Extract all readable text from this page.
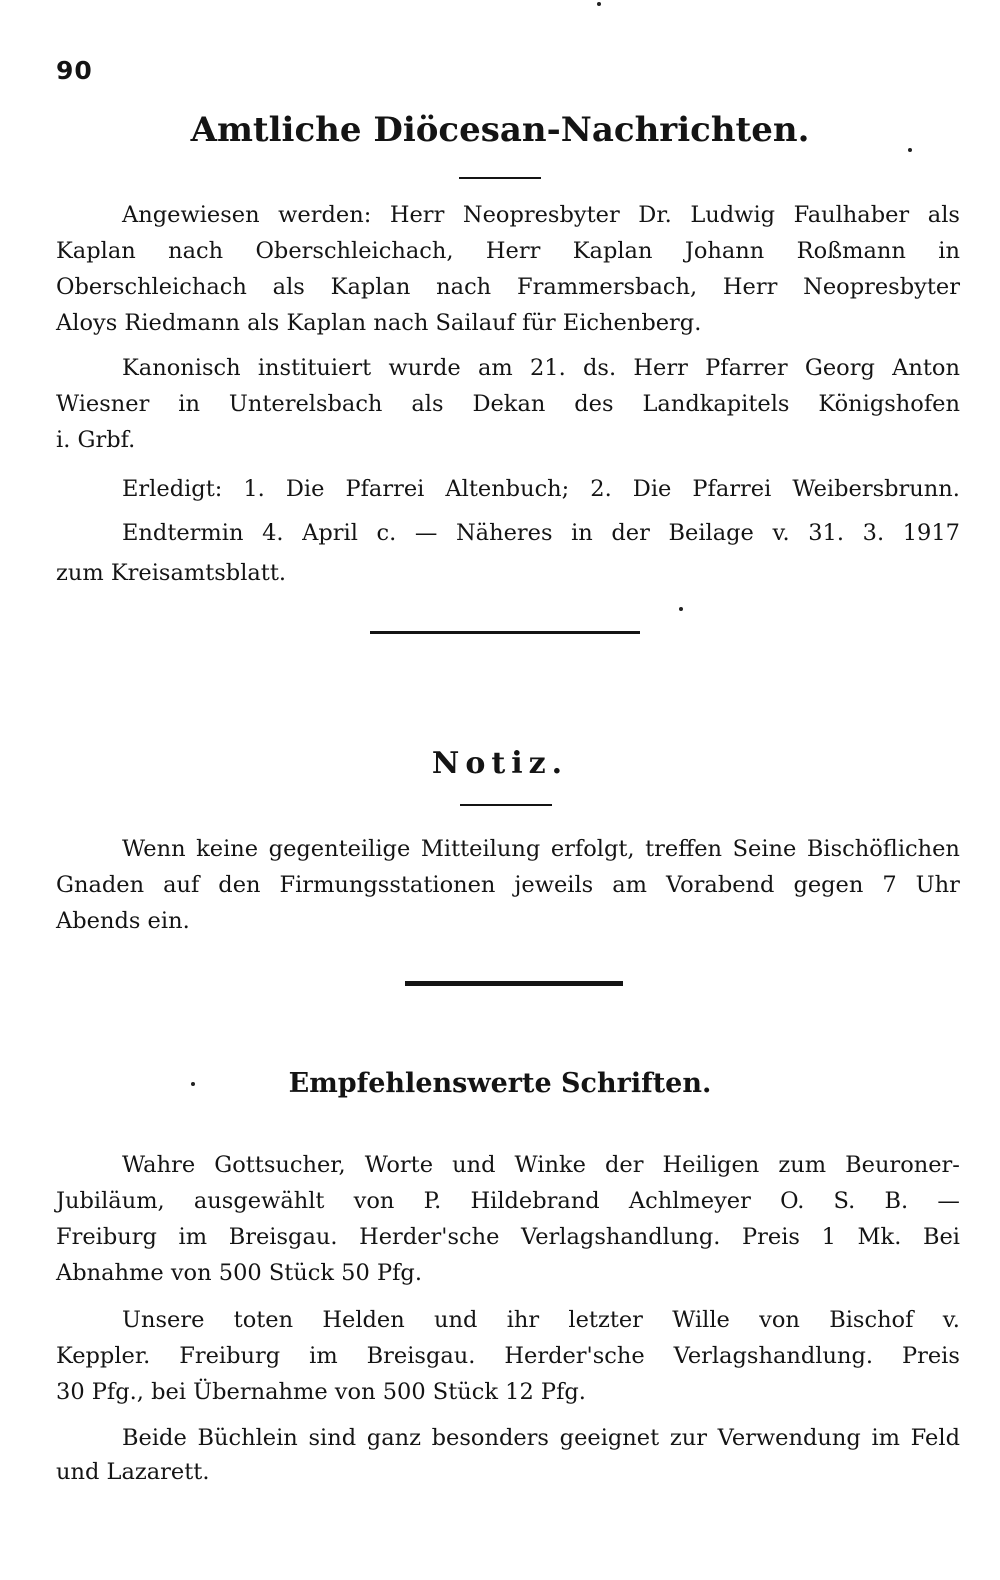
90
Amtliche Diöcesan-Nachrichten.
Angewiesen werden: Herr Neopresbyter Dr. Ludwig Faulhaber als
Kaplan nach Oberschleichach, Herr Kaplan Johann Roßmann in
Oberschleichach als Kaplan nach Frammersbach, Herr Neopresbyter
Aloys Riedmann als Kaplan nach Sailauf für Eichenberg.
Kanonisch instituiert wurde am 21. ds. Herr Pfarrer Georg Anton
Wiesner in Unterelsbach als Dekan des Landkapitels Königshofen
i. Grbf.
Erledigt: 1. Die Pfarrei Altenbuch; 2. Die Pfarrei Weibersbrunn.
Endtermin 4. April c. — Näheres in der Beilage v. 31. 3. 1917
zum Kreisamtsblatt.
Notiz.
Wenn keine gegenteilige Mitteilung erfolgt, treffen Seine Bischöflichen
Gnaden auf den Firmungsstationen jeweils am Vorabend gegen 7 Uhr
Abends ein.
Empfehlenswerte Schriften.
Wahre Gottsucher, Worte und Winke der Heiligen zum Beuroner-
Jubiläum, ausgewählt von P. Hildebrand Achlmeyer O. S. B. —
Freiburg im Breisgau. Herder'sche Verlagshandlung. Preis 1 Mk. Bei
Abnahme von 500 Stück 50 Pfg.
Unsere toten Helden und ihr letzter Wille von Bischof v.
Keppler. Freiburg im Breisgau. Herder'sche Verlagshandlung. Preis
30 Pfg., bei Übernahme von 500 Stück 12 Pfg.
Beide Büchlein sind ganz besonders geeignet zur Verwendung im Feld
und Lazarett.
